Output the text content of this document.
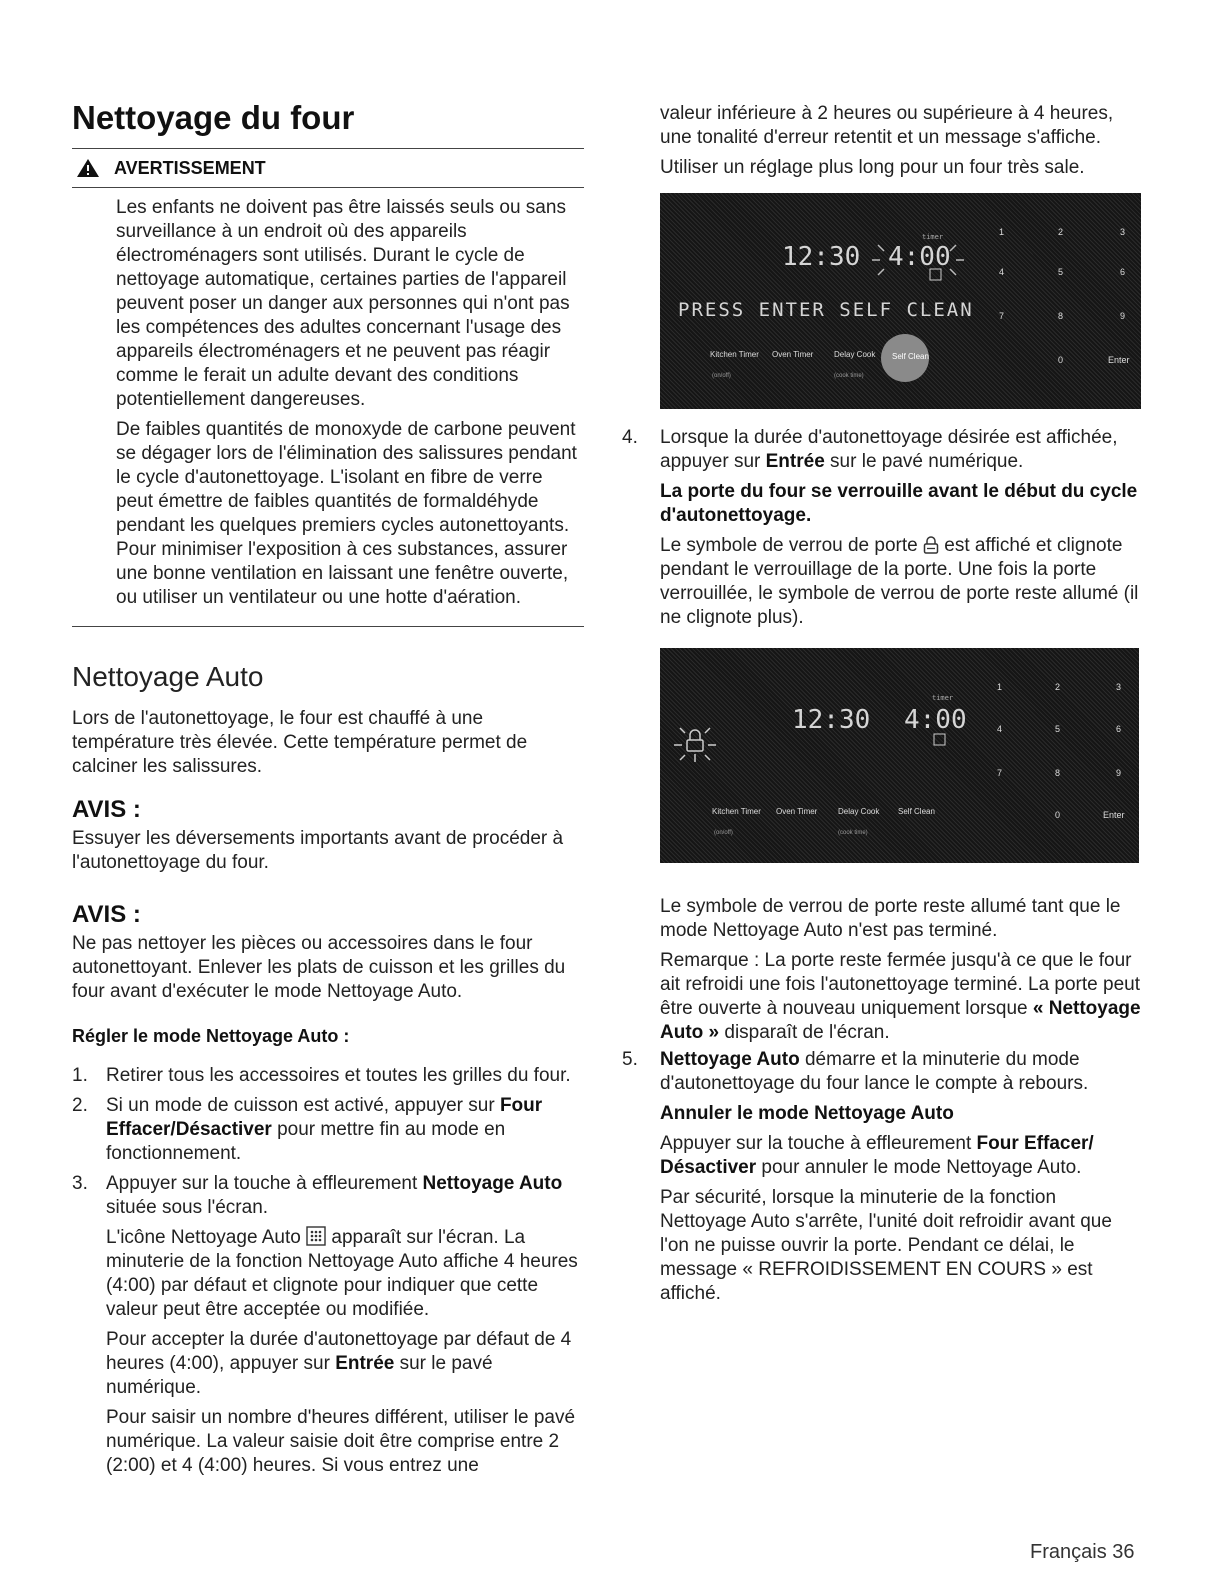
Nettoyage du four
AVERTISSEMENT

Les enfants ne doivent pas être laissés seuls ou sans surveillance à un endroit où des appareils électroménagers sont utilisés. Durant le cycle de nettoyage automatique, certaines parties de l'appareil peuvent poser un danger aux personnes qui n'ont pas les compétences des adultes concernant l'usage des appareils électroménagers et ne peuvent pas réagir comme le ferait un adulte devant des conditions potentiellement dangereuses.

De faibles quantités de monoxyde de carbone peuvent se dégager lors de l'élimination des salissures pendant le cycle d'autonettoyage. L'isolant en fibre de verre peut émettre de faibles quantités de formaldéhyde pendant les quelques premiers cycles autonettoyants. Pour minimiser l'exposition à ces substances, assurer une bonne ventilation en laissant une fenêtre ouverte, ou utiliser un ventilateur ou une hotte d'aération.

Nettoyage Auto

Lors de l'autonettoyage, le four est chauffé à une température très élevée. Cette température permet de calciner les salissures.

AVIS :

Essuyer les déversements importants avant de procéder à l'autonettoyage du four.

AVIS :

Ne pas nettoyer les pièces ou accessoires dans le four autonettoyant. Enlever les plats de cuisson et les grilles du four avant d'exécuter le mode Nettoyage Auto.

Régler le mode Nettoyage Auto :
1. Retirer tous les accessoires et toutes les grilles du four.
2. Si un mode de cuisson est activé, appuyer sur Four Effacer/Désactiver pour mettre fin au mode en fonctionnement.
3. Appuyer sur la touche à effleurement Nettoyage Auto située sous l'écran.

L'icône Nettoyage Auto  apparaît sur l'écran. La minuterie de la fonction Nettoyage Auto affiche 4 heures (4:00) par défaut et clignote pour indiquer que cette valeur peut être acceptée ou modifiée.

Pour accepter la durée d'autonettoyage par défaut de 4 heures (4:00), appuyer sur Entrée sur le pavé numérique.

Pour saisir un nombre d'heures différent, utiliser le pavé numérique. La valeur saisie doit être comprise entre 2 (2:00) et 4 (4:00) heures. Si vous entrez une

valeur inférieure à 2 heures ou supérieure à 4 heures, une tonalité d'erreur retentit et un message s'affiche.

Utiliser un réglage plus long pour un four très sale.

12:30 4:00
timer
PRESS ENTER SELF CLEAN
1	2	3
4	5	6
7	8	9
0	Enter
Kitchen Timer
(on/off)
Oven Timer	Delay Cook
(cook time)
Self Clean
4.	Lorsque la durée d'autonettoyage désirée est affichée, appuyer sur Entrée sur le pavé numérique.

La porte du four se verrouille avant le début du cycle d'autonettoyage.

Le symbole de verrou de porte  est affiché et clignote pendant le verrouillage de la porte. Une fois la porte verrouillée, le symbole de verrou de porte reste allumé (il ne clignote plus).

12:30 4:00
timer
1	2	3
4	5	6
7	8	9
0	Enter
Kitchen Timer
(on/off)
Oven Timer	Delay Cook
(cook time)
Self Clean

Le symbole de verrou de porte reste allumé tant que le mode Nettoyage Auto n'est pas terminé.

Remarque : La porte reste fermée jusqu'à ce que le four ait refroidi une fois l'autonettoyage terminé. La porte peut être ouverte à nouveau uniquement lorsque « Nettoyage Auto » disparaît de l'écran.

5.	Nettoyage Auto démarre et la minuterie du mode d'autonettoyage du four lance le compte à rebours.

Annuler le mode Nettoyage Auto

Appuyer sur la touche à effleurement Four Effacer/ Désactiver pour annuler le mode Nettoyage Auto.

Par sécurité, lorsque la minuterie de la fonction Nettoyage Auto s'arrête, l'unité doit refroidir avant que l'on ne puisse ouvrir la porte. Pendant ce délai, le message « REFROIDISSEMENT EN COURS » est affiché.

Français 36
